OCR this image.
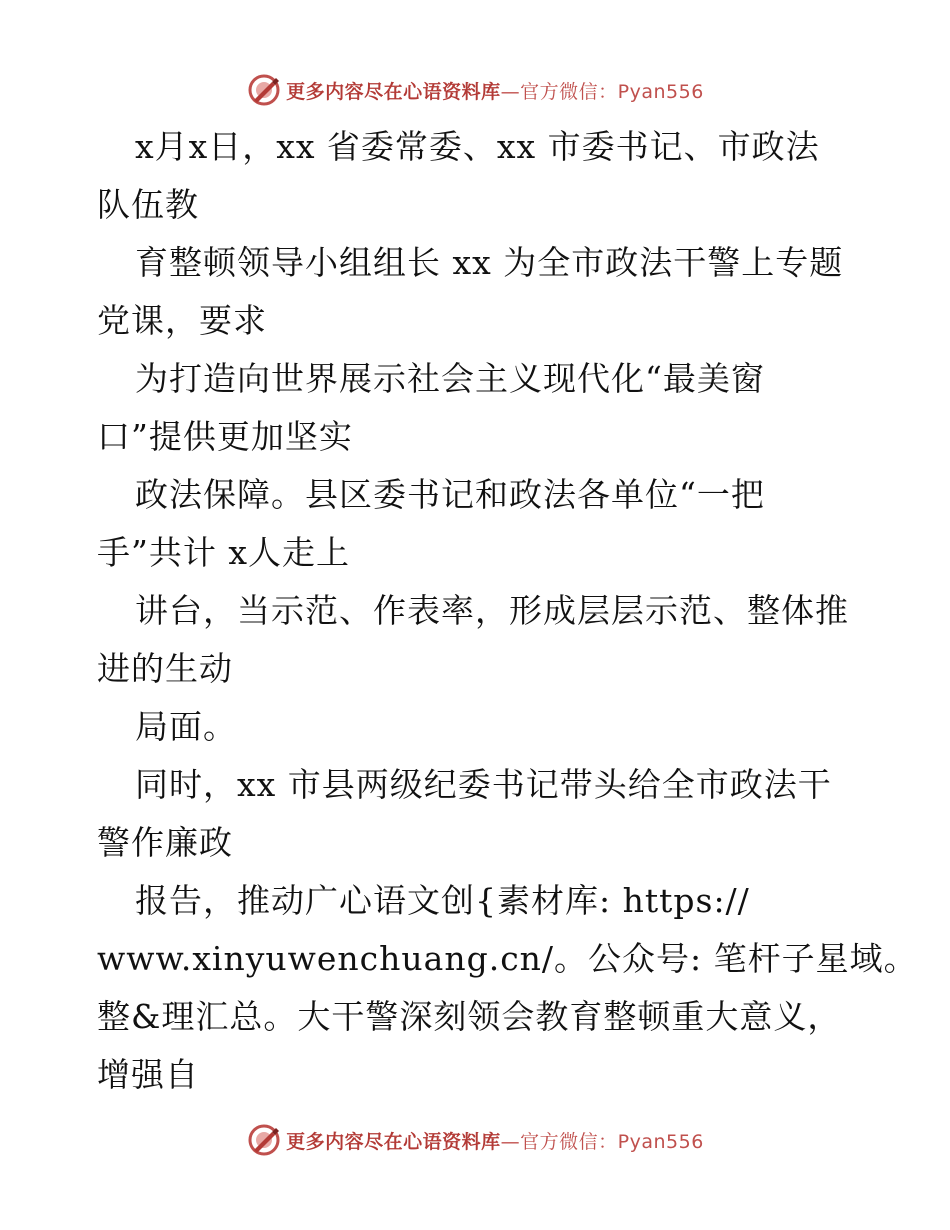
更多内容尽在心语资料库—官方微信：Pyan556
x月x日，xx 省委常委、xx 市委书记、市政法
队伍教
育整顿领导小组组长 xx 为全市政法干警上专题
党课，要求
为打造向世界展示社会主义现代化“最美窗
口”提供更加坚实
政法保障。县区委书记和政法各单位“一把
手”共计 x人走上
讲台，当示范、作表率，形成层层示范、整体推
进的生动
局面。
同时，xx 市县两级纪委书记带头给全市政法干
警作廉政
报告，推动广心语文创{素材库: https://
www.xinyuwenchuang.cn/。公众号: 笔杆子星域。
整&理汇总。大干警深刻领会教育整顿重大意义，
增强自
更多内容尽在心语资料库—官方微信：Pyan556
